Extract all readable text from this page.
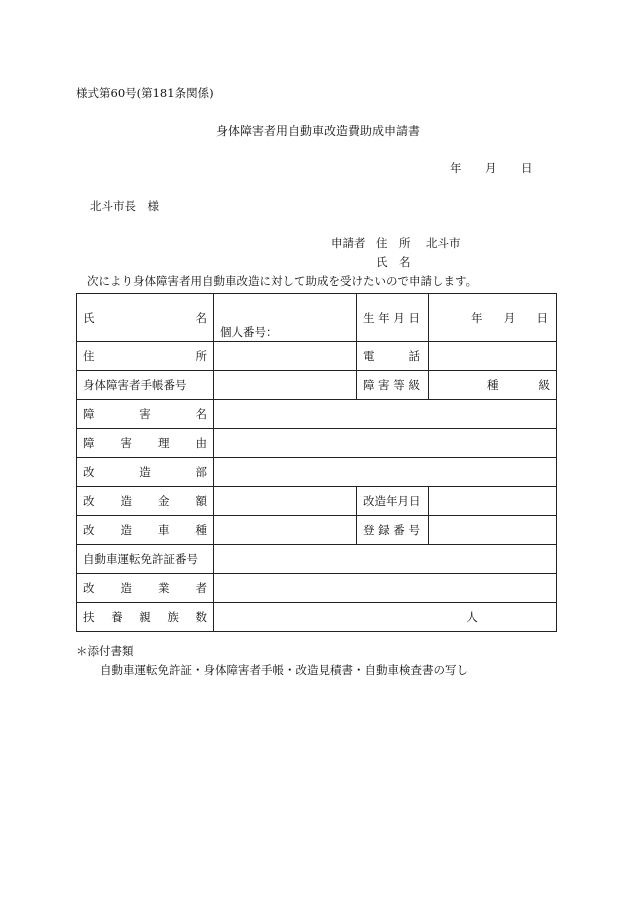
様式第60号(第181条関係)
身体障害者用自動車改造費助成申請書
年 月 日
北斗市長　様
申請者 住　所 北斗市
氏　名
次により身体障害者用自動車改造に対して助成を受けたいので申請します。
氏 名	個人番号：	生 年 月 日	年 月 日

住 所		電 話	

身体障害者手帳番号		障 害 等 級	種 級

障 害 名			

障 害 理 由			

改 造 部			

改 造 金 額		改造年月日	

改 造 車 種		登 録 番 号	
自動車運転免許証番号			

改 造 業 者			

扶 養 親 族 数	人		
＊添付書類
自動車運転免許証・身体障害者手帳・改造見積書・自動車検査書の写し
